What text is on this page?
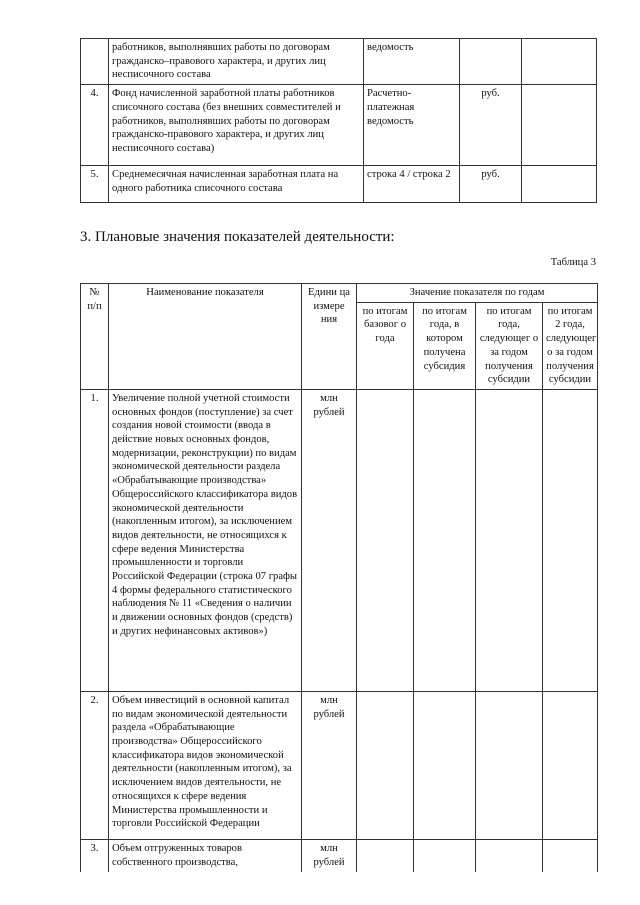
	работников, выполнявших работы по договорам гражданско–правового характера, и других лиц несписочного состава	ведомость		
4.	Фонд начисленной заработной платы работников списочного состава (без внешних совместителей и работников, выполнявших работы по договорам гражданско-правового характера, и других лиц несписочного состава)	Расчетно-платежная ведомость	руб.	
5.	Среднемесячная начисленная заработная плата на одного работника списочного состава	строка 4 / строка 2	руб.	
3. Плановые значения показателей деятельности:
Таблица 3
№ п/п	Наименование показателя	Едини ца измере ния	Значение показателя по годам			
			по итогам базовог о года	по итогам года, в котором получена субсидия	по итогам года, следующег о за годом получения субсидии	по итогам 2 года, следующег о за годом получения субсидии
1.	Увеличение полной учетной стоимости основных фондов (поступление) за счет создания новой стоимости (ввода в действие новых основных фондов, модернизации, реконструкции) по видам экономической деятельности раздела «Обрабатывающие производства» Общероссийского классификатора видов экономической деятельности (накопленным итогом), за исключением видов деятельности, не относящихся к сфере ведения Министерства промышленности и торговли Российской Федерации (строка 07 графы 4 формы федерального статистического наблюдения № 11 «Сведения о наличии и движении основных фондов (средств) и других нефинансовых активов»)	млн рублей				
2.	Объем инвестиций в основной капитал по видам экономической деятельности раздела «Обрабатывающие производства» Общероссийского классификатора видов экономической деятельности (накопленным итогом), за исключением видов деятельности, не относящихся к сфере ведения Министерства промышленности и торговли Российской Федерации	млн рублей				
3.	Объем отгруженных товаров собственного производства,	млн рублей				
